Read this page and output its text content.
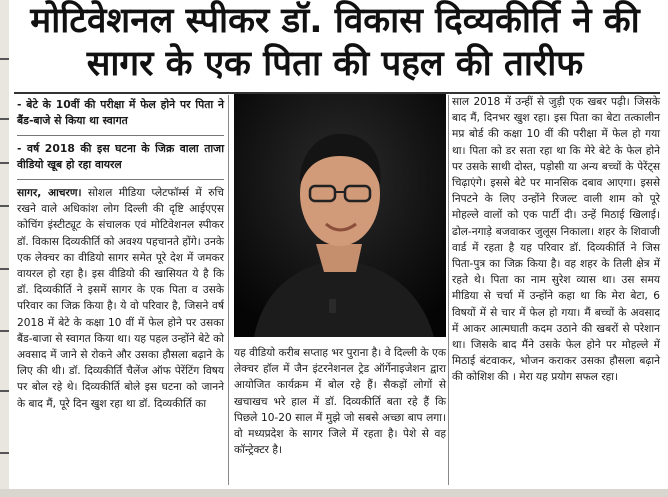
मोटिवेशनल स्पीकर डॉ. विकास दिव्यकीर्ति ने की
सागर के एक पिता की पहल की तारीफ

- बेटे के 10वीं की परीक्षा में फेल होने पर पिता ने बैंड-बाजे से किया था स्वागत

- वर्ष 2018 की इस घटना के जिक्र वाला ताजा वीडियो खूब हो रहा वायरल

सागर, आचरण। सोशल मीडिया प्लेटफॉर्म्स में रुचि रखने वाले अधिकांश लोग दिल्ली की दृष्टि आईएएस कोचिंग इंस्टीट्यूट के संचालक एवं मोटिवेशनल स्पीकर डॉ. विकास दिव्यकीर्ति को अवश्य पहचानते होंगे। उनके एक लेक्चर का वीडियो सागर समेत पूरे देश में जमकर वायरल हो रहा है। इस वीडियो की खासियत ये है कि डॉ. दिव्यकीर्ति ने इसमें सागर के एक पिता व उसके परिवार का जिक्र किया है। ये वो परिवार है, जिसने वर्ष 2018 में बेटे के कक्षा 10 वीं में फेल होने पर उसका बैंड-बाजा से स्वागत किया था। यह पहल उन्होंने बेटे को अवसाद में जाने से रोकने और उसका हौसला बढ़ाने के लिए की थी। डॉ. दिव्यकीर्ति चैलेंज ऑफ पेरेंटिंग विषय पर बोल रहे थे। दिव्यकीर्ति बोले इस घटना को जानने के बाद मैं, पूरे दिन खुश रहा था डॉ. दिव्यकीर्ति का

यह वीडियो करीब सप्ताह भर पुराना है। वे दिल्ली के एक लेक्चर हॉल में जैन इंटरनेशनल ट्रेड ऑर्गेनाइजेशन द्वारा आयोजित कार्यक्रम में बोल रहे हैं। सैकड़ों लोगों से खचाखच भरे हाल में डॉ. दिव्यकीर्ति बता रहे हैं कि पिछले 10-20 साल में मुझे जो सबसे अच्छा बाप लगा। वो मध्यप्रदेश के सागर जिले में रहता है। पेशे से वह कॉन्ट्रेक्टर है।

साल 2018 में उन्हीं से जुड़ी एक खबर पढ़ी। जिसके बाद मैं, दिनभर खुश रहा। इस पिता का बेटा तत्कालीन मप्र बोर्ड की कक्षा 10 वीं की परीक्षा में फेल हो गया था। पिता को डर सता रहा था कि मेरे बेटे के फेल होने पर उसके साथी दोस्त, पड़ोसी या अन्य बच्चों के पेरेंट्स चिढ़ाएंगे। इससे बेटे पर मानसिक दबाव आएगा। इससे निपटने के लिए उन्होंने रिजल्ट वाली शाम को पूरे मोहल्ले वालों को एक पार्टी दी। उन्हें मिठाई खिलाई। ढोल-नगाड़े बजवाकर जुलूस निकाला। शहर के शिवाजी वार्ड में रहता है यह परिवार डॉ. दिव्यकीर्ति ने जिस पिता-पुत्र का जिक्र किया है। वह शहर के तिली क्षेत्र में रहते थे। पिता का नाम सुरेश व्यास था। उस समय मीडिया से चर्चा में उन्होंने कहा था कि मेरा बेटा, 6 विषयों में से चार में फेल हो गया। मैं बच्चों के अवसाद में आकर आत्मघाती कदम उठाने की खबरों से परेशान था। जिसके बाद मैंने उसके फेल होने पर मोहल्ले में मिठाई बंटवाकर, भोजन कराकर उसका हौसला बढ़ाने की कोशिश की । मेरा यह प्रयोग सफल रहा।
